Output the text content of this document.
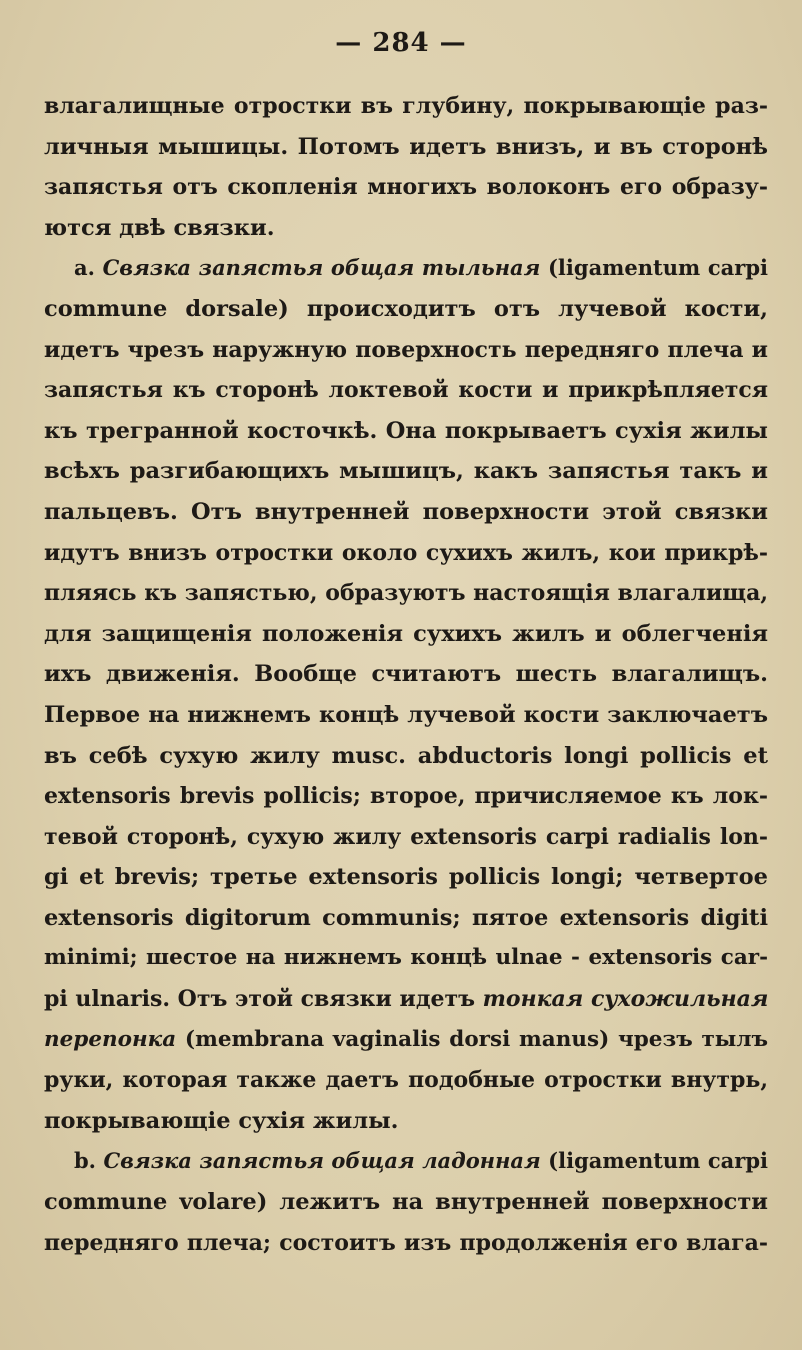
— 284 —
влагалищные отростки въ глубину, покрывающіе раз-
личныя мышицы. Потомъ идетъ внизъ, и въ сторонѣ
запястья отъ скопленія многихъ волоконъ его образу-
ются двѣ связки.
a. Связка запястья общая тыльная (ligamentum carpi
commune dorsale) происходитъ отъ лучевой кости,
идетъ чрезъ наружную поверхность передняго плеча и
запястья къ сторонѣ локтевой кости и прикрѣпляется
къ трегранной косточкѣ. Она покрываетъ сухія жилы
всѣхъ разгибающихъ мышицъ, какъ запястья такъ и
пальцевъ. Отъ внутренней поверхности этой связки
идутъ внизъ отростки около сухихъ жилъ, кои прикрѣ-
пляясь къ запястью, образуютъ настоящія влагалища,
для защищенія положенія сухихъ жилъ и облегченія
ихъ движенія. Вообще считаютъ шесть влагалищъ.
Первое на нижнемъ концѣ лучевой кости заключаетъ
въ себѣ сухую жилу musc. abductoris longi pollicis et
extensoris brevis pollicis; второе, причисляемое къ лок-
тевой сторонѣ, сухую жилу extensoris carpi radialis lon-
gi et brevis; третье extensoris pollicis longi; четвертое
extensoris digitorum communis; пятое extensoris digiti
minimi; шестое на нижнемъ концѣ ulnae - extensoris car-
pi ulnaris. Отъ этой связки идетъ тонкая сухожильная
перепонка (membrana vaginalis dorsi manus) чрезъ тылъ
руки, которая также даетъ подобные отростки внутрь,
покрывающіе сухія жилы.
b. Связка запястья общая ладонная (ligamentum carpi
commune volare) лежитъ на внутренней поверхности
передняго плеча; состоитъ изъ продолженія его влага-
